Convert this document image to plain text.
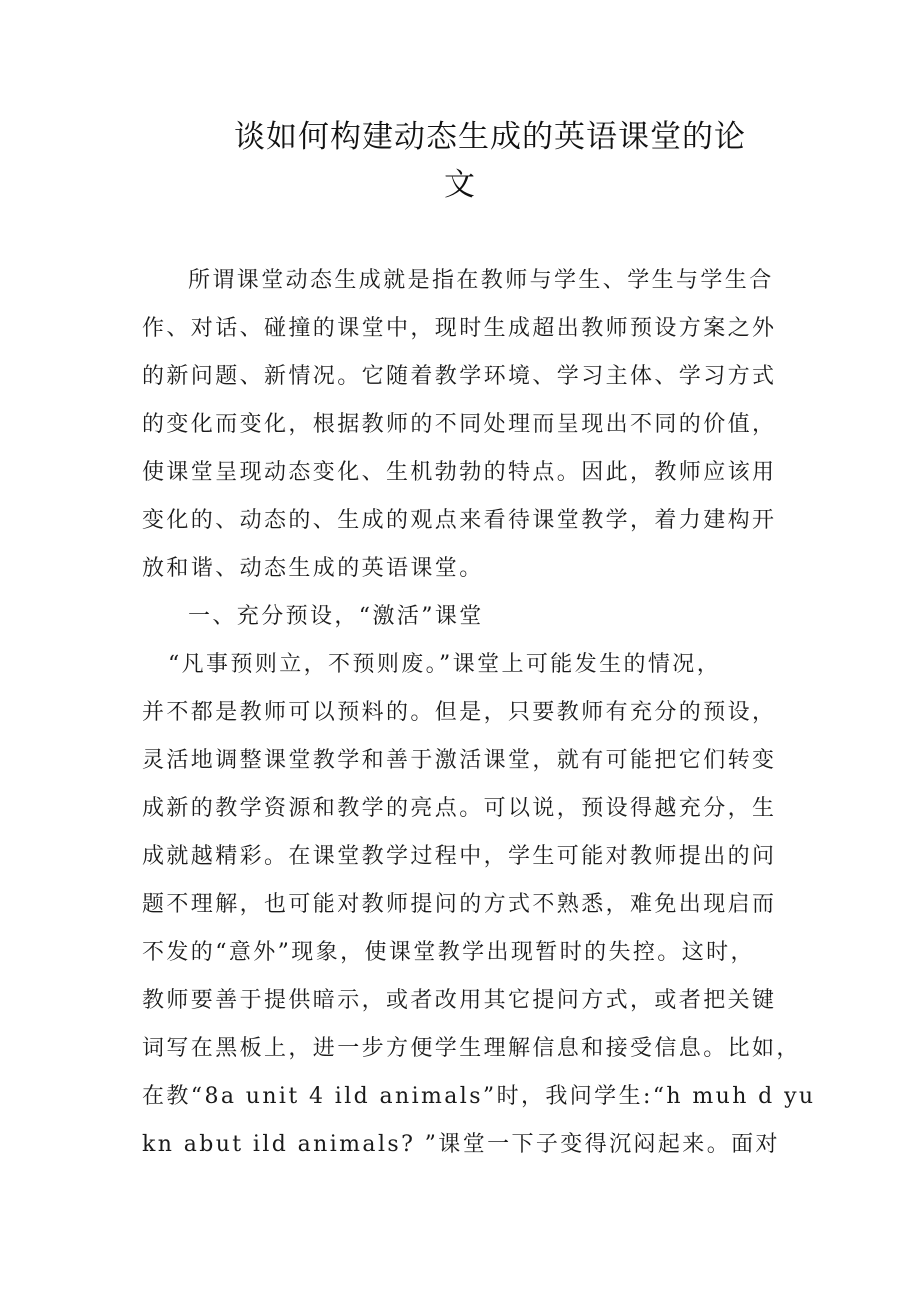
谈如何构建动态生成的英语课堂的论
文
所谓课堂动态生成就是指在教师与学生、学生与学生合
作、对话、碰撞的课堂中，现时生成超出教师预设方案之外
的新问题、新情况。它随着教学环境、学习主体、学习方式
的变化而变化，根据教师的不同处理而呈现出不同的价值，
使课堂呈现动态变化、生机勃勃的特点。因此，教师应该用
变化的、动态的、生成的观点来看待课堂教学，着力建构开
放和谐、动态生成的英语课堂。
一、充分预设，“激活”课堂
“凡事预则立，不预则废。”课堂上可能发生的情况，
并不都是教师可以预料的。但是，只要教师有充分的预设，
灵活地调整课堂教学和善于激活课堂，就有可能把它们转变
成新的教学资源和教学的亮点。可以说，预设得越充分，生
成就越精彩。在课堂教学过程中，学生可能对教师提出的问
题不理解，也可能对教师提问的方式不熟悉，难免出现启而
不发的“意外”现象，使课堂教学出现暂时的失控。这时，
教师要善于提供暗示，或者改用其它提问方式，或者把关键
词写在黑板上，进一步方便学生理解信息和接受信息。比如，
在教“8a unit 4 ild animals”时，我问学生:“h muh d yu
kn abut ild animals? ”课堂一下子变得沉闷起来。面对
